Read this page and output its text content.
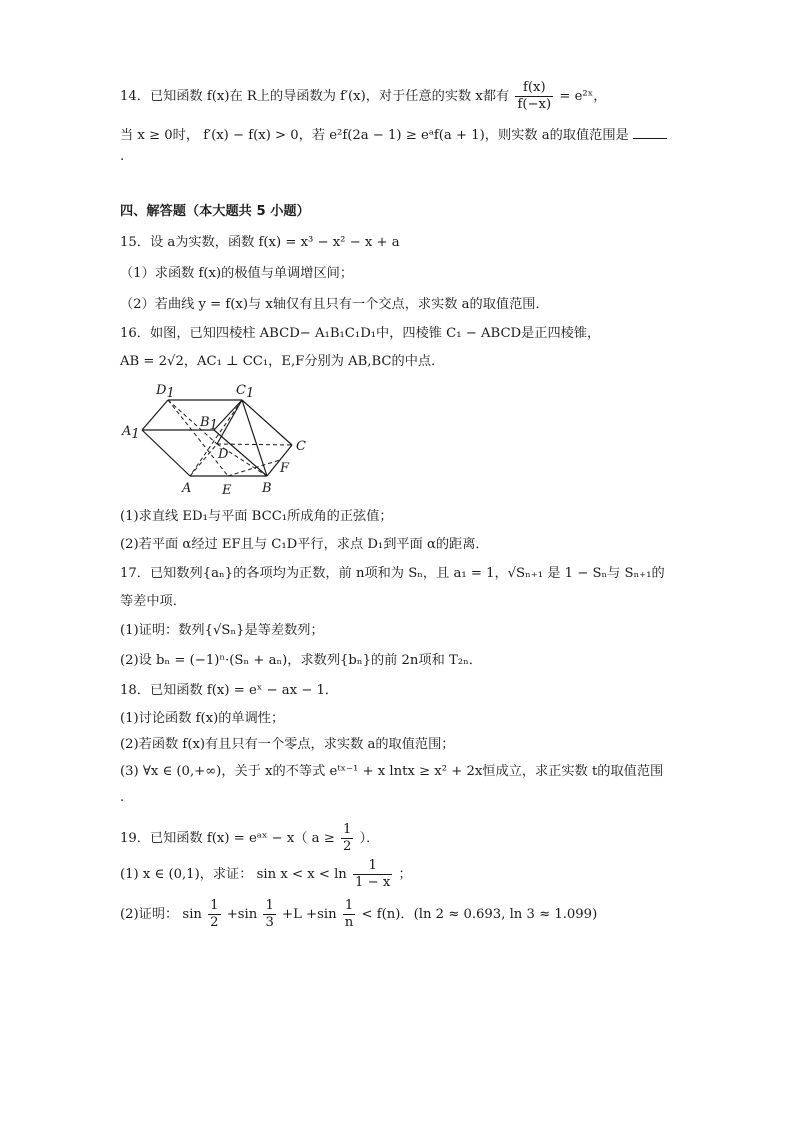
14．已知函数 f(x)在 R上的导函数为 f′(x)，对于任意的实数 x都有 $\frac{f(x)}{f(-x)}$ = e²ˣ，
当 x ≥ 0时， f′(x) − f(x) > 0，若 e²f(2a − 1) ≥ eᵃf(a + 1)，则实数 a的取值范围是
.
四、解答题（本大题共 5 小题）
15．设 a为实数，函数 f(x) = x³ − x² − x + a
（1）求函数 f(x)的极值与单调增区间；
（2）若曲线 y = f(x)与 x轴仅有且只有一个交点，求实数 a的取值范围．
16．如图，已知四棱柱 ABCD− A₁B₁C₁D₁中，四棱锥 C₁ − ABCD是正四棱锥，
AB = 2√2，AC₁ ⊥ CC₁，E,F分别为 AB,BC的中点．
D1	C1
A1
B1
D
C
F
A E B
(1)求直线 ED₁与平面 BCC₁所成角的正弦值；
(2)若平面 α经过 EF且与 C₁D平行，求点 D₁到平面 α的距离．
17．已知数列{aₙ}的各项均为正数，前 n项和为 Sₙ，且 a₁ = 1，√Sₙ₊₁ 是 1 − Sₙ与 Sₙ₊₁的
等差中项．
(1)证明：数列{√Sₙ}是等差数列；
(2)设 bₙ = (−1)ⁿ·(Sₙ + aₙ)，求数列{bₙ}的前 2n项和 T₂ₙ．
18．已知函数 f(x) = eˣ − ax − 1．
(1)讨论函数 f(x)的单调性；
(2)若函数 f(x)有且只有一个零点，求实数 a的取值范围；
(3) ∀x ∈ (0,+∞)，关于 x的不等式 eᵗˣ⁻¹ + x lntx ≥ x² + 2x恒成立，求正实数 t的取值范围
.
19．已知函数 f(x) = eᵃˣ − x（ $a \ge \frac{1}{2}$ ）．
(1) x ∈ (0,1)，求证： $\sin x < x < \ln \frac{1}{1 - x}$ ；
(2)证明： $\sin \frac{1}{2} +\sin \frac{1}{3} +L +\sin \frac{1}{n} < f(n)$．(ln 2 ≈ 0.693, ln 3 ≈ 1.099)
